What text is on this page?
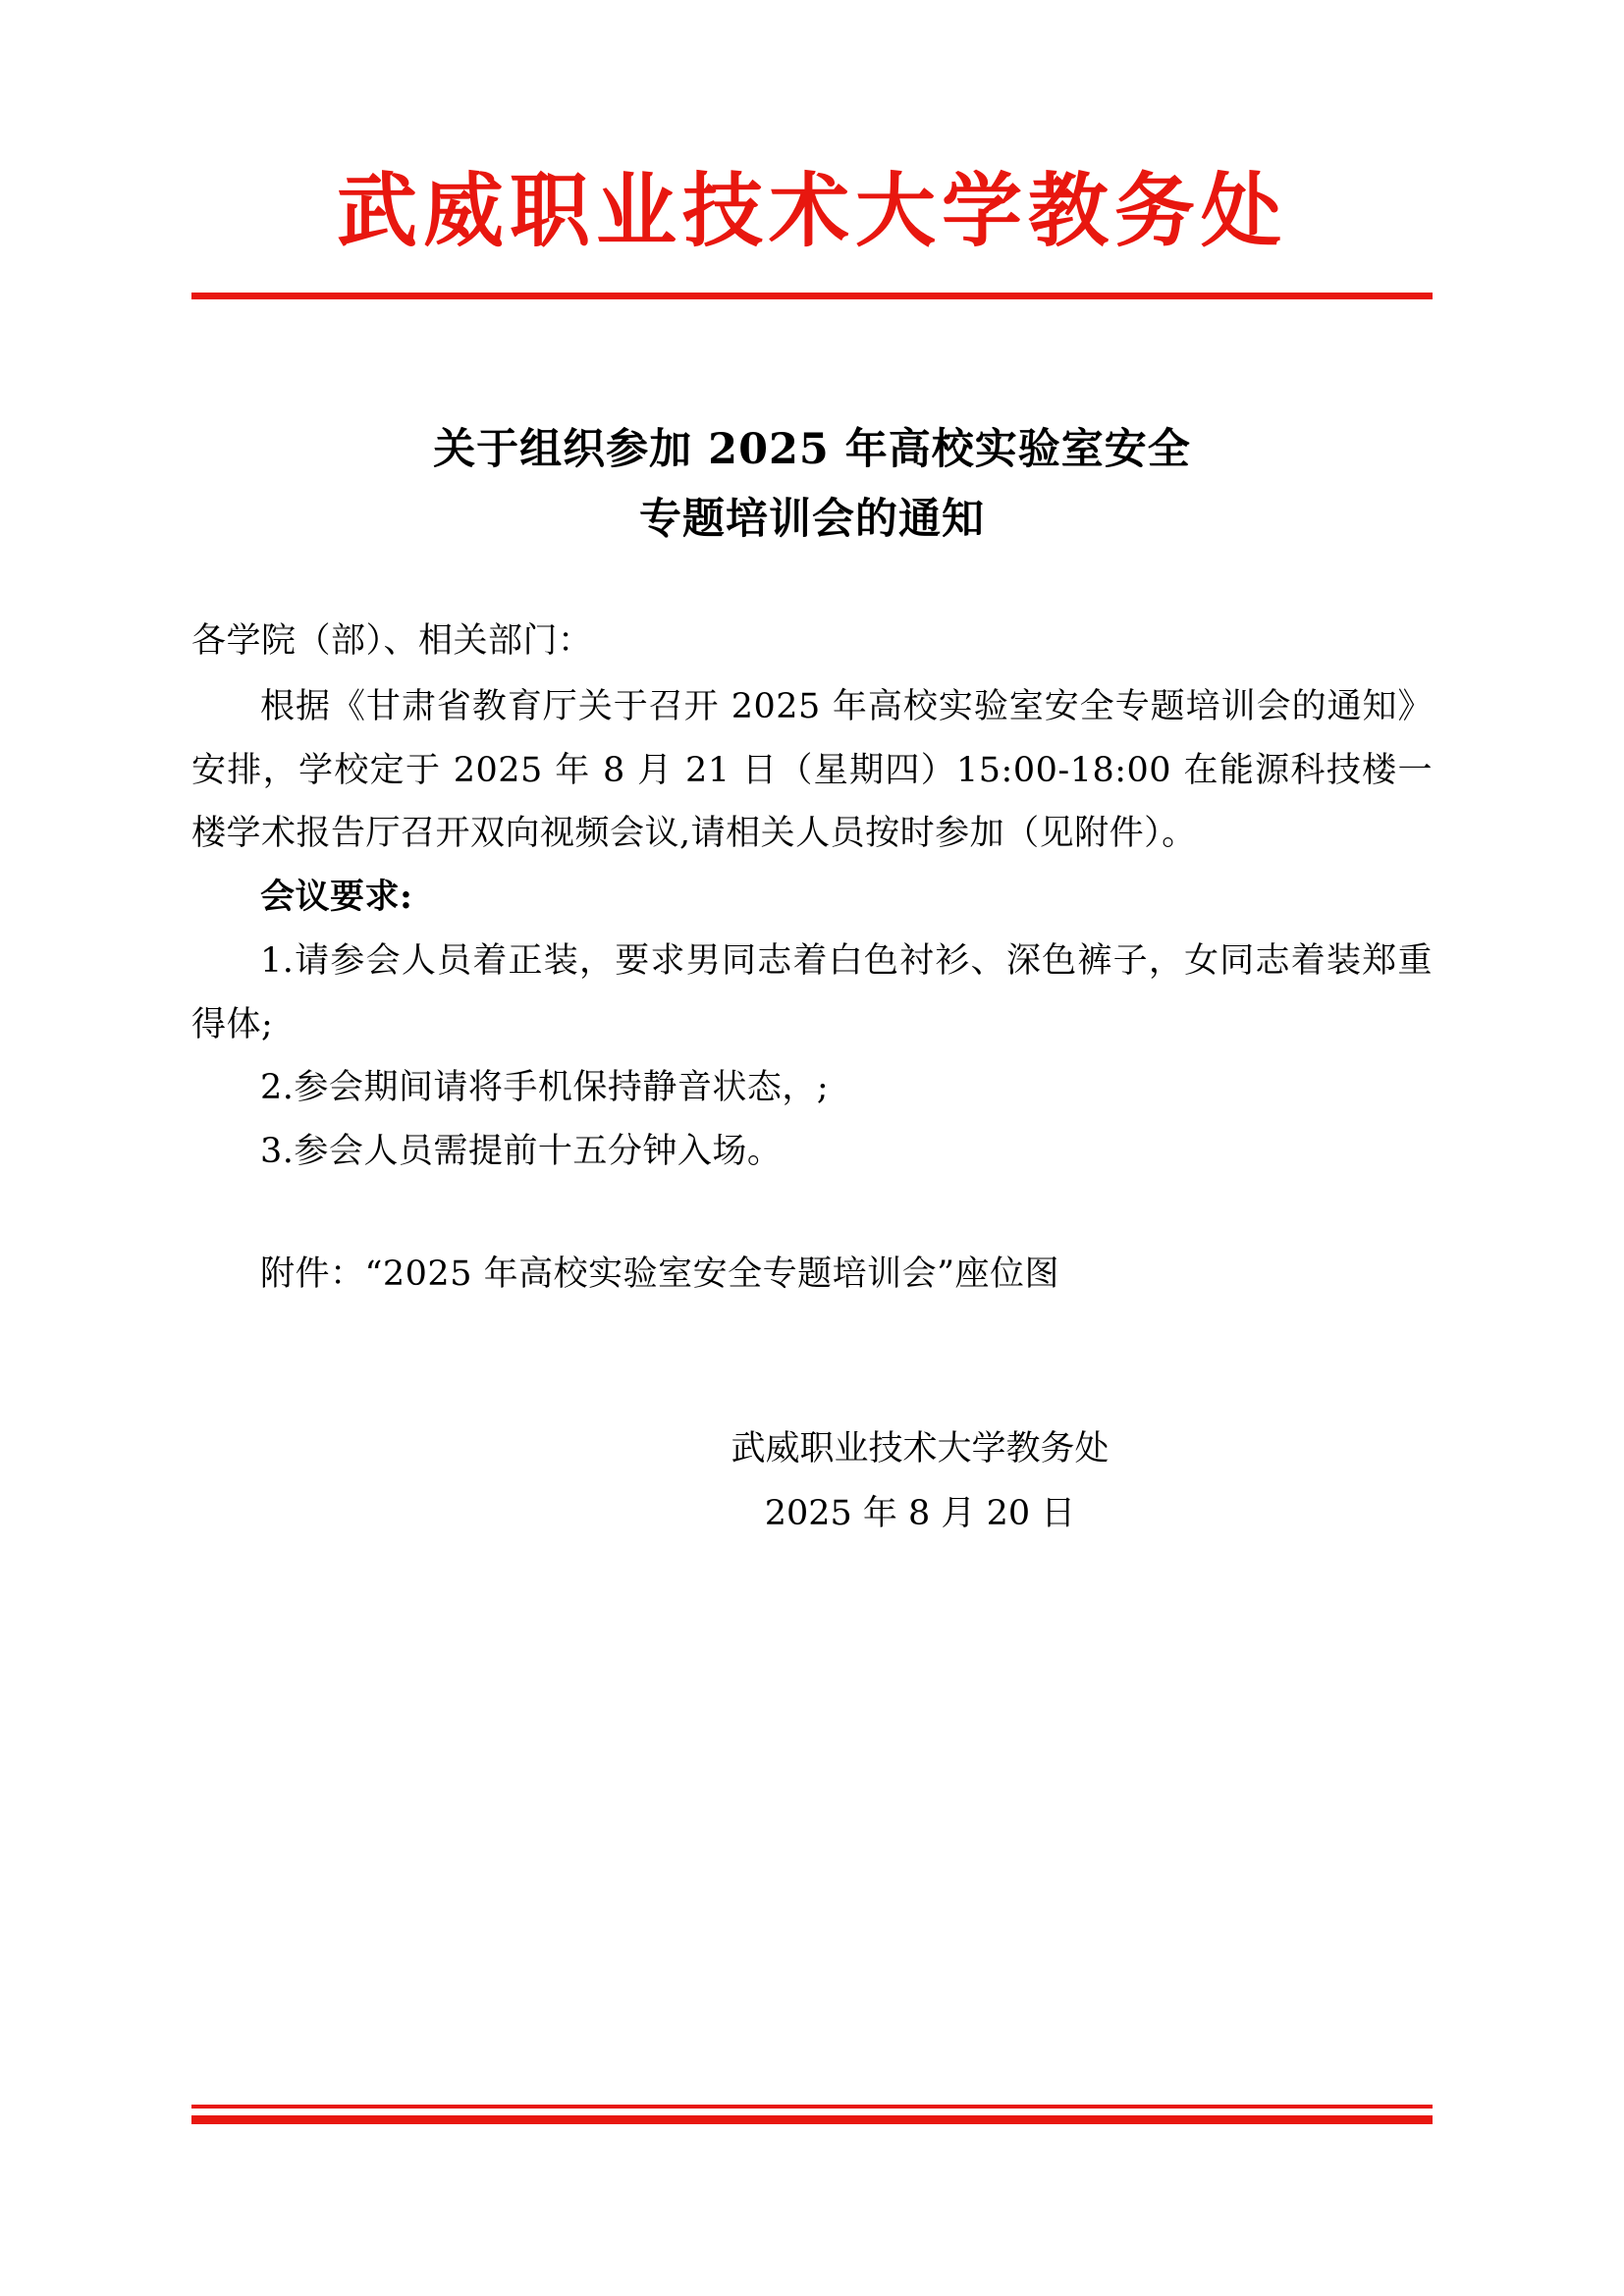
武威职业技术大学教务处
关于组织参加 2025 年高校实验室安全
专题培训会的通知
各学院（部）、相关部门：

根据《甘肃省教育厅关于召开 2025 年高校实验室安全专题培训会的通知》安排，学校定于 2025 年 8 月 21 日（星期四）15:00-18:00 在能源科技楼一楼学术报告厅召开双向视频会议,请相关人员按时参加（见附件）。

会议要求:

1.请参会人员着正装，要求男同志着白色衬衫、深色裤子，女同志着装郑重得体;

2.参会期间请将手机保持静音状态，;

3.参会人员需提前十五分钟入场。

附件：“2025 年高校实验室安全专题培训会”座位图

武威职业技术大学教务处
2025 年 8 月 20 日
